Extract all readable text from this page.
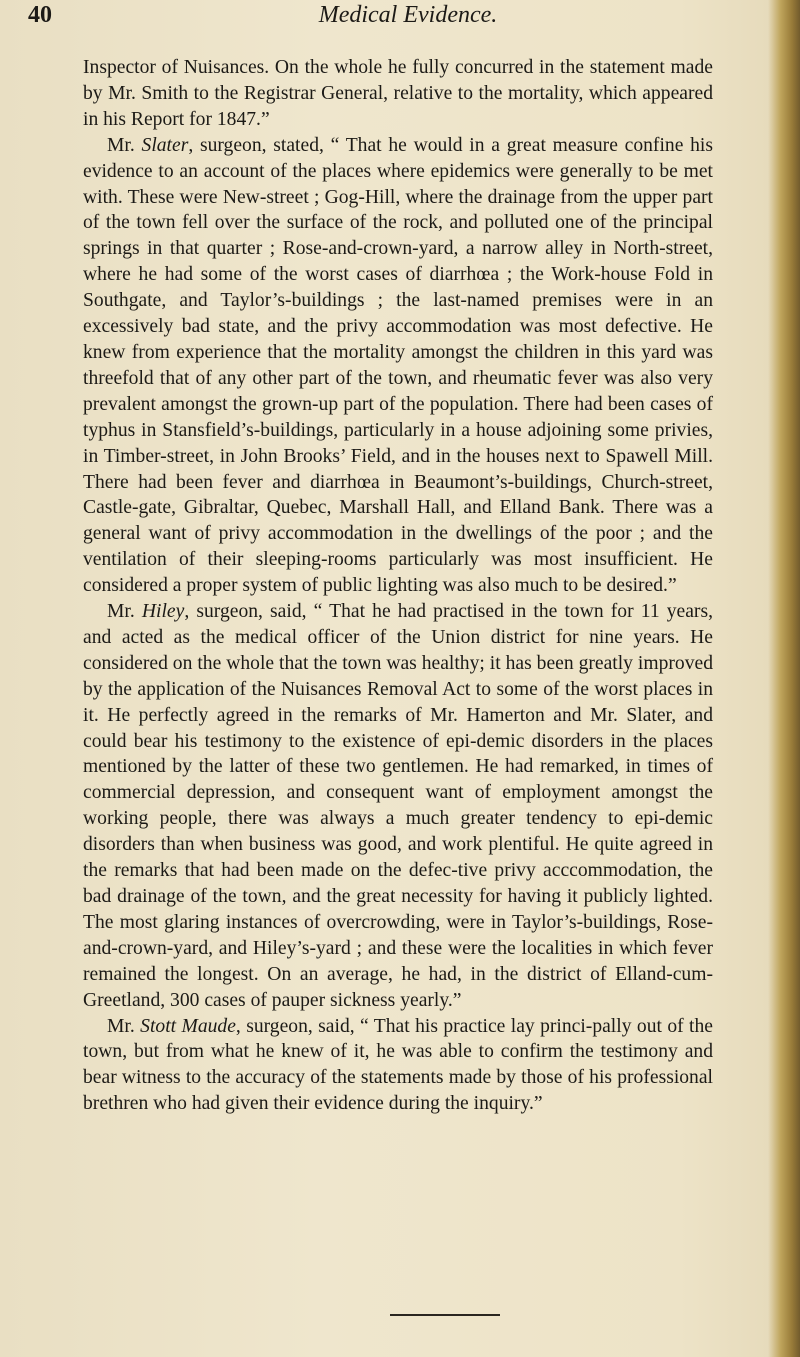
40	Medical Evidence.

Inspector of Nuisances. On the whole he fully concurred in the statement made by Mr. Smith to the Registrar General, relative to the mortality, which appeared in his Report for 1847.”

Mr. Slater, surgeon, stated, “ That he would in a great measure confine his evidence to an account of the places where epidemics were generally to be met with. These were New-street ; Gog-Hill, where the drainage from the upper part of the town fell over the surface of the rock, and polluted one of the principal springs in that quarter ; Rose-and-crown-yard, a narrow alley in North-street, where he had some of the worst cases of diarrhœa ; the Work-house Fold in Southgate, and Taylor’s-buildings ; the last-named premises were in an excessively bad state, and the privy accommodation was most defective. He knew from experience that the mortality amongst the children in this yard was threefold that of any other part of the town, and rheumatic fever was also very prevalent amongst the grown-up part of the population. There had been cases of typhus in Stansfield’s-buildings, particularly in a house adjoining some privies, in Timber-street, in John Brooks’ Field, and in the houses next to Spawell Mill. There had been fever and diarrhœa in Beaumont’s-buildings, Church-street, Castle-gate, Gibraltar, Quebec, Marshall Hall, and Elland Bank. There was a general want of privy accommodation in the dwellings of the poor ; and the ventilation of their sleeping-rooms particularly was most insufficient. He considered a proper system of public lighting was also much to be desired.”

Mr. Hiley, surgeon, said, “ That he had practised in the town for 11 years, and acted as the medical officer of the Union district for nine years. He considered on the whole that the town was healthy; it has been greatly improved by the application of the Nuisances Removal Act to some of the worst places in it. He perfectly agreed in the remarks of Mr. Hamerton and Mr. Slater, and could bear his testimony to the existence of epi-demic disorders in the places mentioned by the latter of these two gentlemen. He had remarked, in times of commercial depression, and consequent want of employment amongst the working people, there was always a much greater tendency to epi-demic disorders than when business was good, and work plentiful. He quite agreed in the remarks that had been made on the defec-tive privy acccommodation, the bad drainage of the town, and the great necessity for having it publicly lighted. The most glaring instances of overcrowding, were in Taylor’s-buildings, Rose-and-crown-yard, and Hiley’s-yard ; and these were the localities in which fever remained the longest. On an average, he had, in the district of Elland-cum-Greetland, 300 cases of pauper sickness yearly.”

Mr. Stott Maude, surgeon, said, “ That his practice lay princi-pally out of the town, but from what he knew of it, he was able to confirm the testimony and bear witness to the accuracy of the statements made by those of his professional brethren who had given their evidence during the inquiry.”
